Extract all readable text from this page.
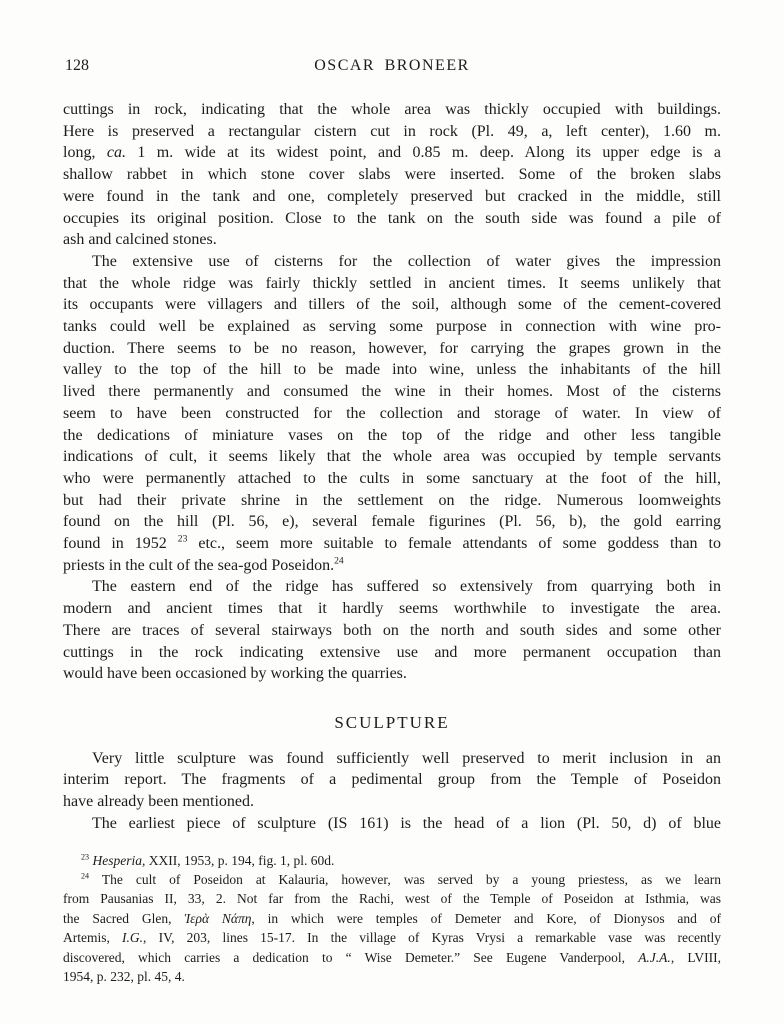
128	OSCAR BRONEER
cuttings in rock, indicating that the whole area was thickly occupied with buildings.
Here is preserved a rectangular cistern cut in rock (Pl. 49, a, left center), 1.60 m.
long, ca. 1 m. wide at its widest point, and 0.85 m. deep. Along its upper edge is a
shallow rabbet in which stone cover slabs were inserted. Some of the broken slabs
were found in the tank and one, completely preserved but cracked in the middle, still
occupies its original position. Close to the tank on the south side was found a pile of
ash and calcined stones.
The extensive use of cisterns for the collection of water gives the impression
that the whole ridge was fairly thickly settled in ancient times. It seems unlikely that
its occupants were villagers and tillers of the soil, although some of the cement-covered
tanks could well be explained as serving some purpose in connection with wine pro-
duction. There seems to be no reason, however, for carrying the grapes grown in the
valley to the top of the hill to be made into wine, unless the inhabitants of the hill
lived there permanently and consumed the wine in their homes. Most of the cisterns
seem to have been constructed for the collection and storage of water. In view of
the dedications of miniature vases on the top of the ridge and other less tangible
indications of cult, it seems likely that the whole area was occupied by temple servants
who were permanently attached to the cults in some sanctuary at the foot of the hill,
but had their private shrine in the settlement on the ridge. Numerous loomweights
found on the hill (Pl. 56, e), several female figurines (Pl. 56, b), the gold earring
found in 1952 $^{23}$ etc., seem more suitable to female attendants of some goddess than to
priests in the cult of the sea-god Poseidon.$^{24}$
The eastern end of the ridge has suffered so extensively from quarrying both in
modern and ancient times that it hardly seems worthwhile to investigate the area.
There are traces of several stairways both on the north and south sides and some other
cuttings in the rock indicating extensive use and more permanent occupation than
would have been occasioned by working the quarries.
SCULPTURE
Very little sculpture was found sufficiently well preserved to merit inclusion in an
interim report. The fragments of a pedimental group from the Temple of Poseidon
have already been mentioned.
The earliest piece of sculpture (IS 161) is the head of a lion (Pl. 50, d) of blue
$^{23}$ Hesperia, XXII, 1953, p. 194, fig. 1, pl. 60d.
$^{24}$ The cult of Poseidon at Kalauria, however, was served by a young priestess, as we learn
from Pausanias II, 33, 2. Not far from the Rachi, west of the Temple of Poseidon at Isthmia, was
the Sacred Glen, Ἱερὰ Νάπη, in which were temples of Demeter and Kore, of Dionysos and of
Artemis, I.G., IV, 203, lines 15-17. In the village of Kyras Vrysi a remarkable vase was recently
discovered, which carries a dedication to “ Wise Demeter.” See Eugene Vanderpool, A.J.A., LVIII,
1954, p. 232, pl. 45, 4.
